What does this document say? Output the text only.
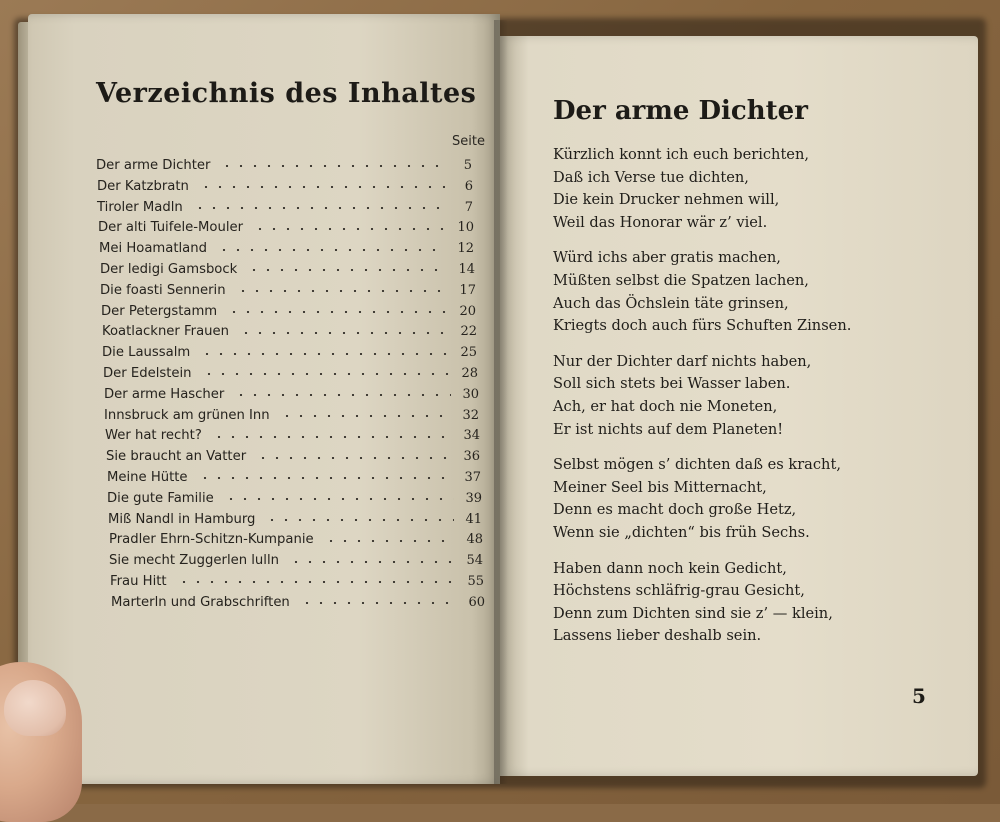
Verzeichnis des Inhaltes
Seite
Der arme Dichter	5
Der Katzbratn	6
Tiroler Madln	7
Der alti Tuifele-Mouler	10
Mei Hoamatland	12
Der ledigi Gamsbock	14
Die foasti Sennerin	17
Der Petergstamm	20
Koatlackner Frauen	22
Die Laussalm	25
Der Edelstein	28
Der arme Hascher	30
Innsbruck am grünen Inn	32
Wer hat recht?	34
Sie braucht an Vatter	36
Meine Hütte	37
Die gute Familie	39
Miß Nandl in Hamburg	41
Pradler Ehrn-Schitzn-Kumpanie	48
Sie mecht Zuggerlen lulln	54
Frau Hitt	55
Marterln und Grabschriften	60
Der arme Dichter
Kürzlich konnt ich euch berichten,
Daß ich Verse tue dichten,
Die kein Drucker nehmen will,
Weil das Honorar wär z’ viel.
Würd ichs aber gratis machen,
Müßten selbst die Spatzen lachen,
Auch das Öchslein täte grinsen,
Kriegts doch auch fürs Schuften Zinsen.
Nur der Dichter darf nichts haben,
Soll sich stets bei Wasser laben.
Ach, er hat doch nie Moneten,
Er ist nichts auf dem Planeten!
Selbst mögen s’ dichten daß es kracht,
Meiner Seel bis Mitternacht,
Denn es macht doch große Hetz,
Wenn sie „dichten“ bis früh Sechs.
Haben dann noch kein Gedicht,
Höchstens schläfrig-grau Gesicht,
Denn zum Dichten sind sie z’ — klein,
Lassens lieber deshalb sein.
5
